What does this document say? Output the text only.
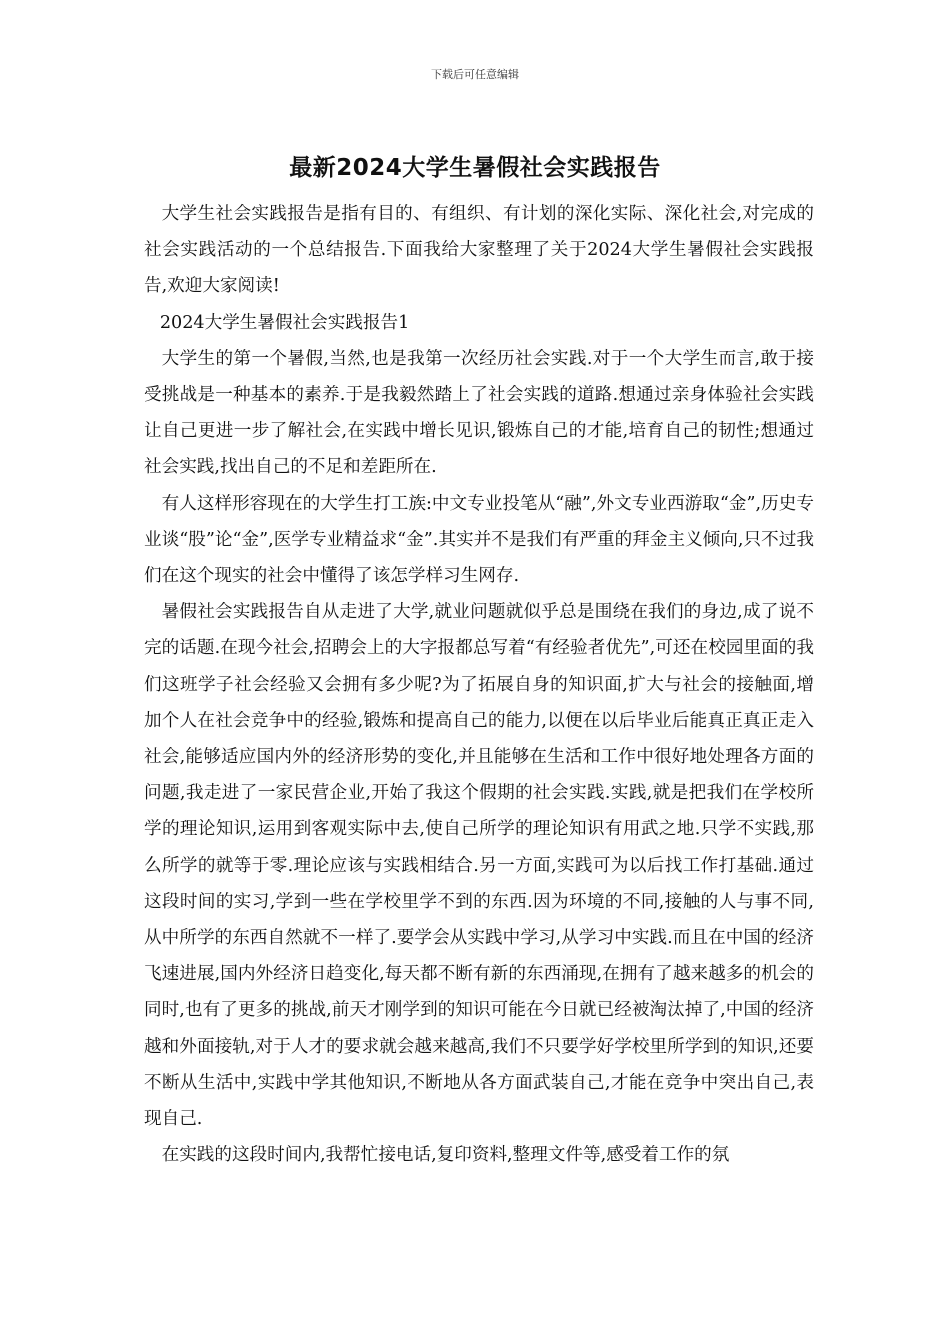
下载后可任意编辑
最新2024大学生暑假社会实践报告

大学生社会实践报告是指有目的、有组织、有计划的深化实际、深化社会,对完成的社会实践活动的一个总结报告.下面我给大家整理了关于2024大学生暑假社会实践报告,欢迎大家阅读!

2024大学生暑假社会实践报告1

大学生的第一个暑假,当然,也是我第一次经历社会实践.对于一个大学生而言,敢于接受挑战是一种基本的素养.于是我毅然踏上了社会实践的道路.想通过亲身体验社会实践让自己更进一步了解社会,在实践中增长见识,锻炼自己的才能,培育自己的韧性;想通过社会实践,找出自己的不足和差距所在.

有人这样形容现在的大学生打工族:中文专业投笔从“融”,外文专业西游取“金”,历史专业谈“股”论“金”,医学专业精益求“金”.其实并不是我们有严重的拜金主义倾向,只不过我们在这个现实的社会中懂得了该怎学样习生网存.

暑假社会实践报告自从走进了大学,就业问题就似乎总是围绕在我们的身边,成了说不完的话题.在现今社会,招聘会上的大字报都总写着“有经验者优先”,可还在校园里面的我们这班学子社会经验又会拥有多少呢?为了拓展自身的知识面,扩大与社会的接触面,增加个人在社会竞争中的经验,锻炼和提高自己的能力,以便在以后毕业后能真正真正走入社会,能够适应国内外的经济形势的变化,并且能够在生活和工作中很好地处理各方面的问题,我走进了一家民营企业,开始了我这个假期的社会实践.实践,就是把我们在学校所学的理论知识,运用到客观实际中去,使自己所学的理论知识有用武之地.只学不实践,那么所学的就等于零.理论应该与实践相结合.另一方面,实践可为以后找工作打基础.通过这段时间的实习,学到一些在学校里学不到的东西.因为环境的不同,接触的人与事不同,从中所学的东西自然就不一样了.要学会从实践中学习,从学习中实践.而且在中国的经济飞速进展,国内外经济日趋变化,每天都不断有新的东西涌现,在拥有了越来越多的机会的同时,也有了更多的挑战,前天才刚学到的知识可能在今日就已经被淘汰掉了,中国的经济越和外面接轨,对于人才的要求就会越来越高,我们不只要学好学校里所学到的知识,还要不断从生活中,实践中学其他知识,不断地从各方面武装自己,才能在竞争中突出自己,表现自己.

在实践的这段时间内,我帮忙接电话,复印资料,整理文件等,感受着工作的氛
